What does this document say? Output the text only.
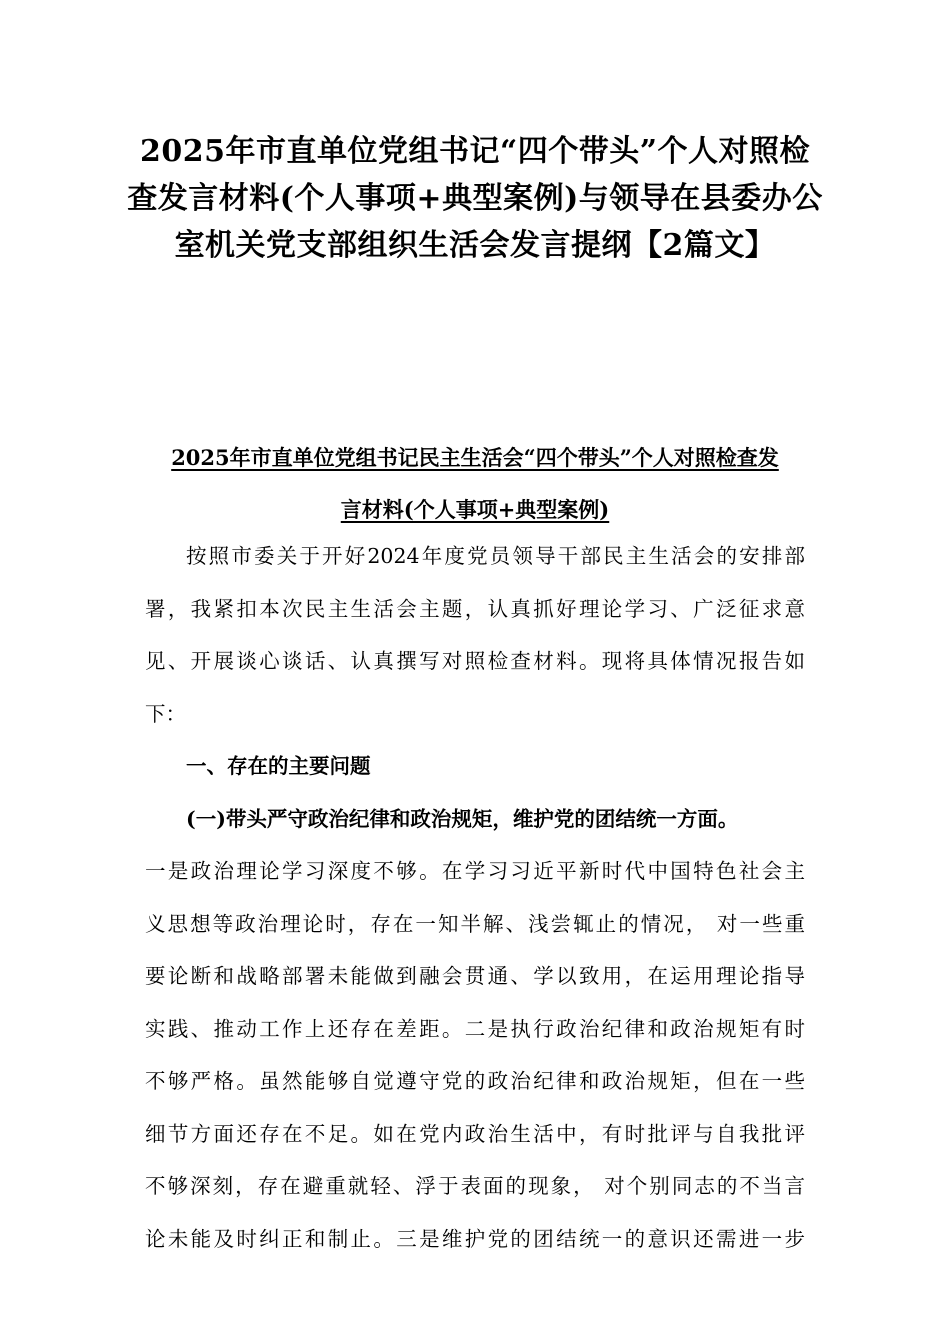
2025年市直单位党组书记“四个带头”个人对照检
查发言材料(个人事项+典型案例)与领导在县委办公
室机关党支部组织生活会发言提纲【2篇文】
2025年市直单位党组书记民主生活会“四个带头”个人对照检查发
言材料(个人事项+典型案例)
按照市委关于开好2024年度党员领导干部民主生活会的安排部
署，我紧扣本次民主生活会主题，认真抓好理论学习、广泛征求意
见、开展谈心谈话、认真撰写对照检查材料。现将具体情况报告如
下：
一、存在的主要问题
(一)带头严守政治纪律和政治规矩，维护党的团结统一方面。
一是政治理论学习深度不够。在学习习近平新时代中国特色社会主
义思想等政治理论时，存在一知半解、浅尝辄止的情况， 对一些重
要论断和战略部署未能做到融会贯通、学以致用，在运用理论指导
实践、推动工作上还存在差距。二是执行政治纪律和政治规矩有时
不够严格。虽然能够自觉遵守党的政治纪律和政治规矩，但在一些
细节方面还存在不足。如在党内政治生活中，有时批评与自我批评
不够深刻，存在避重就轻、浮于表面的现象， 对个别同志的不当言
论未能及时纠正和制止。三是维护党的团结统一的意识还需进一步
